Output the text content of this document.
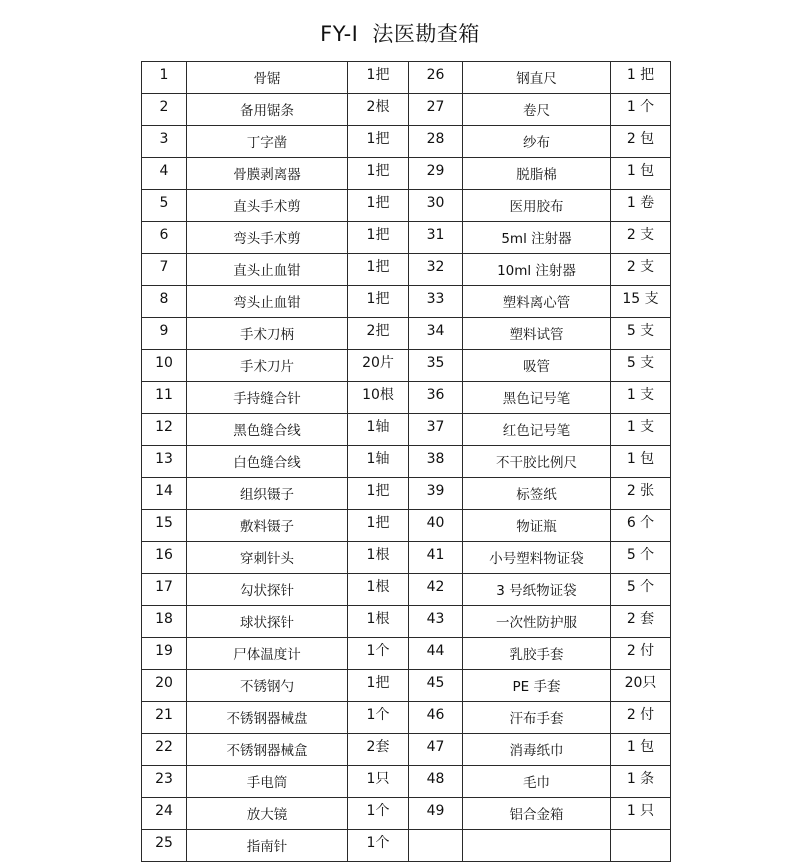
FY-Ⅰ 法医勘查箱
1	骨锯	1把	26	钢直尺	1 把
2	备用锯条	2根	27	卷尺	1 个
3	丁字凿	1把	28	纱布	2 包
4	骨膜剥离器	1把	29	脱脂棉	1 包
5	直头手术剪	1把	30	医用胶布	1 卷
6	弯头手术剪	1把	31	5ml 注射器	2 支
7	直头止血钳	1把	32	10ml 注射器	2 支
8	弯头止血钳	1把	33	塑料离心管	15 支
9	手术刀柄	2把	34	塑料试管	5 支
10	手术刀片	20片	35	吸管	5 支
11	手持缝合针	10根	36	黑色记号笔	1 支
12	黑色缝合线	1轴	37	红色记号笔	1 支
13	白色缝合线	1轴	38	不干胶比例尺	1 包
14	组织镊子	1把	39	标签纸	2 张
15	敷料镊子	1把	40	物证瓶	6 个
16	穿刺针头	1根	41	小号塑料物证袋	5 个
17	勾状探针	1根	42	3 号纸物证袋	5 个
18	球状探针	1根	43	一次性防护服	2 套
19	尸体温度计	1个	44	乳胶手套	2 付
20	不锈钢勺	1把	45	PE 手套	20只
21	不锈钢器械盘	1个	46	汗布手套	2 付
22	不锈钢器械盒	2套	47	消毒纸巾	1 包
23	手电筒	1只	48	毛巾	1 条
24	放大镜	1个	49	铝合金箱	1 只
25	指南针	1个			
